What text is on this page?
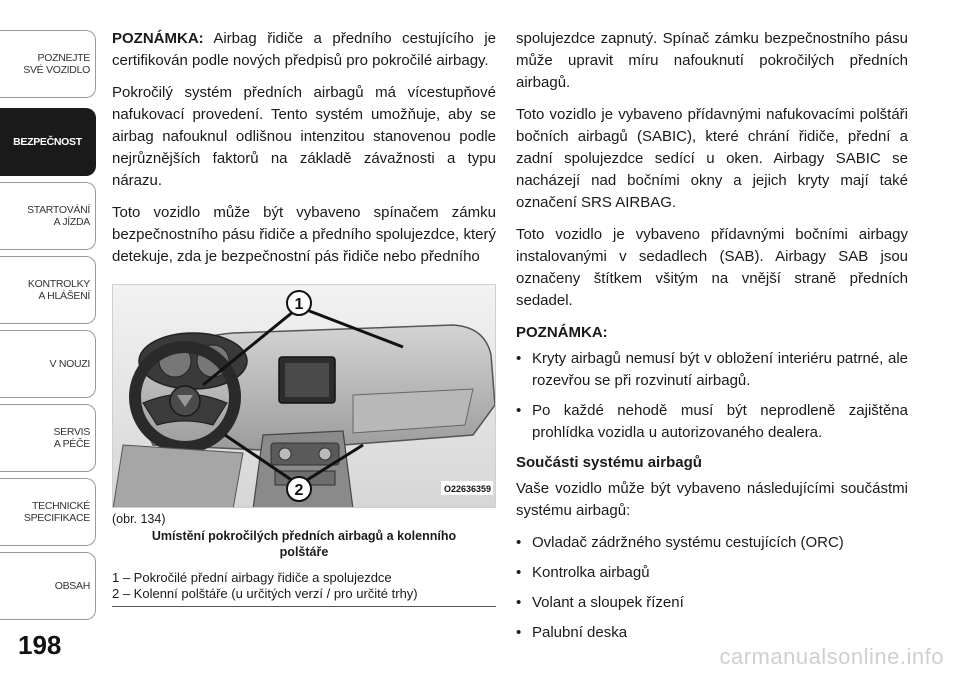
POZNEJTE
SVÉ VOZIDLO
BEZPEČNOST
STARTOVÁNÍ
A JÍZDA
KONTROLKY
A HLÁŠENÍ
V NOUZI
SERVIS
A PÉČE
TECHNICKÉ
SPECIFIKACE
OBSAH
198

POZNÁMKA: Airbag řidiče a předního cestujícího je certifikován podle nových předpisů pro pokročilé airbagy.

Pokročilý systém předních airbagů má vícestupňové nafukovací provedení. Tento systém umožňuje, aby se airbag nafouknul odlišnou intenzitou stanovenou podle nejrůznějších faktorů na základě závažnosti a typu nárazu.

Toto vozidlo může být vybaveno spínačem zámku bezpečnostního pásu řidiče a předního spolujezdce, který detekuje, zda je bezpečnostní pás řidiče nebo předního

1
2	O22636359
(obr. 134)
Umístění pokročilých předních airbagů a kolenního polštáře
1 – Pokročilé přední airbagy řidiče a spolujezdce
2 – Kolenní polštáře (u určitých verzí / pro určité trhy)

spolujezdce zapnutý. Spínač zámku bezpečnostního pásu může upravit míru nafouknutí pokročilých předních airbagů.

Toto vozidlo je vybaveno přídavnými nafukovacími polštáři bočních airbagů (SABIC), které chrání řidiče, přední a zadní spolujezdce sedící u oken. Airbagy SABIC se nacházejí nad bočními okny a jejich kryty mají také označení SRS AIRBAG.

Toto vozidlo je vybaveno přídavnými bočními airbagy instalovanými v sedadlech (SAB). Airbagy SAB jsou označeny štítkem všitým na vnější straně předních sedadel.

POZNÁMKA:
• Kryty airbagů nemusí být v obložení interiéru patrné, ale rozevřou se při rozvinutí airbagů.
• Po každé nehodě musí být neprodleně zajištěna prohlídka vozidla u autorizovaného dealera.
Součásti systému airbagů

Vaše vozidlo může být vybaveno následujícími součástmi systému airbagů:

• Ovladač zádržného systému cestujících (ORC)
• Kontrolka airbagů
• Volant a sloupek řízení
• Palubní deska
carmanualsonline.info
